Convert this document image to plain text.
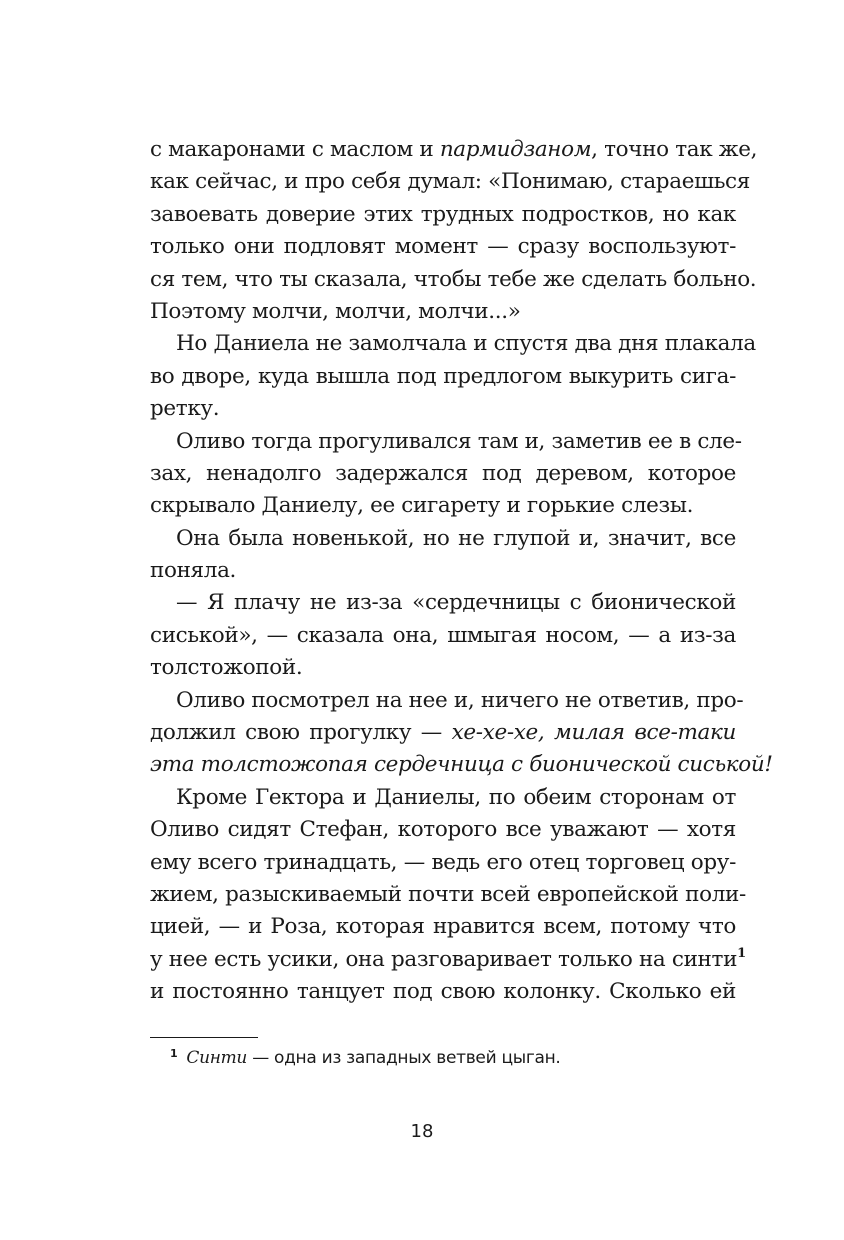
с макаронами с маслом и пармидзаном, точно так же,
как сейчас, и про себя думал: «Понимаю, стараешься
завоевать доверие этих трудных подростков, но как
только они подловят момент — сразу воспользуют-
ся тем, что ты сказала, чтобы тебе же сделать больно.
Поэтому молчи, молчи, молчи...»
Но Даниела не замолчала и спустя два дня плакала
во дворе, куда вышла под предлогом выкурить сига-
ретку.
Оливо тогда прогуливался там и, заметив ее в сле-
зах, ненадолго задержался под деревом, которое
скрывало Даниелу, ее сигарету и горькие слезы.
Она была новенькой, но не глупой и, значит, все
поняла.
— Я плачу не из-за «сердечницы с бионической
сиськой», — сказала она, шмыгая носом, — а из-за
толстожопой.
Оливо посмотрел на нее и, ничего не ответив, про-
должил свою прогулку — хе-хе-хе, милая все-таки
эта толстожопая сердечница с бионической сиськой!
Кроме Гектора и Даниелы, по обеим сторонам от
Оливо сидят Стефан, которого все уважают — хотя
ему всего тринадцать, — ведь его отец торговец ору-
жием, разыскиваемый почти всей европейской поли-
цией, — и Роза, которая нравится всем, потому что
у нее есть усики, она разговаривает только на синти$^1$
и постоянно танцует под свою колонку. Сколько ей
$^1$ Синти — одна из западных ветвей цыган.
18
